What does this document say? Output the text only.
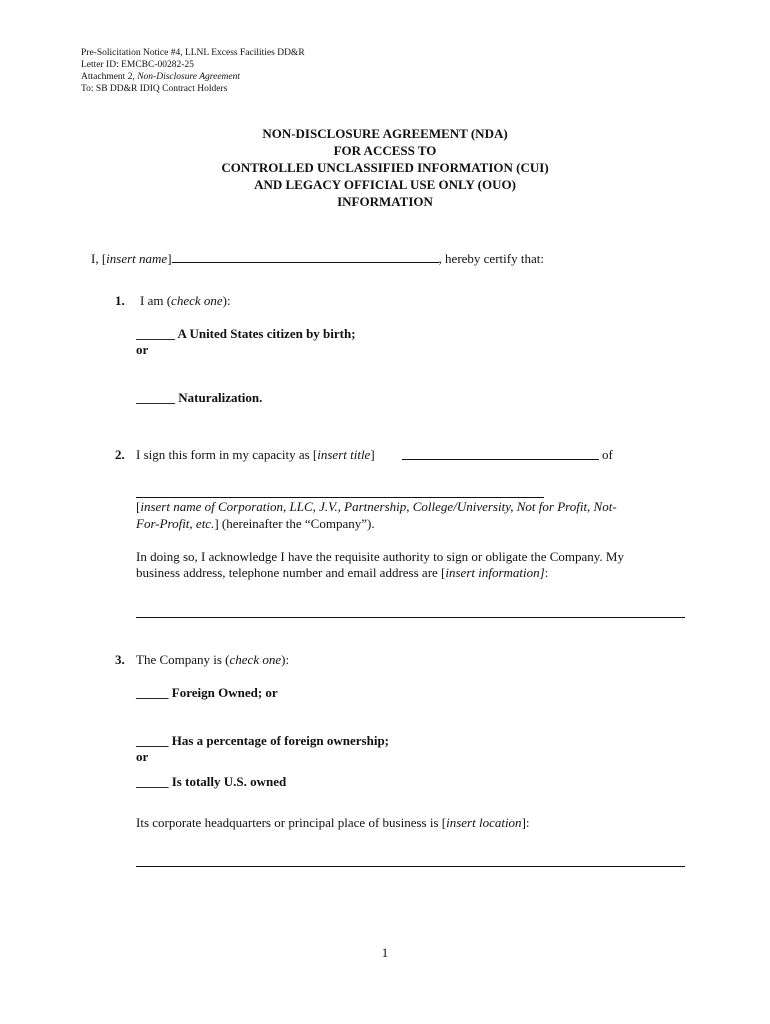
Pre-Solicitation Notice #4, LLNL Excess Facilities DD&R
Letter ID: EMCBC-00282-25
Attachment 2, Non-Disclosure Agreement
To: SB DD&R IDIQ Contract Holders
NON-DISCLOSURE AGREEMENT (NDA)
FOR ACCESS TO
CONTROLLED UNCLASSIFIED INFORMATION (CUI)
AND LEGACY OFFICIAL USE ONLY (OUO)
INFORMATION
I, [insert name]	, hereby certify that:
1. I am (check one):
______ A United States citizen by birth;
or
______ Naturalization.
2. I sign this form in my capacity as [insert title]	of
[insert name of Corporation, LLC, J.V., Partnership, College/University, Not for Profit, Not-
For-Profit, etc.] (hereinafter the “Company”).
In doing so, I acknowledge I have the requisite authority to sign or obligate the Company. My
business address, telephone number and email address are [insert information]:
3. The Company is (check one):
_____ Foreign Owned; or
_____ Has a percentage of foreign ownership;
or
_____ Is totally U.S. owned
Its corporate headquarters or principal place of business is [insert location]:
1
